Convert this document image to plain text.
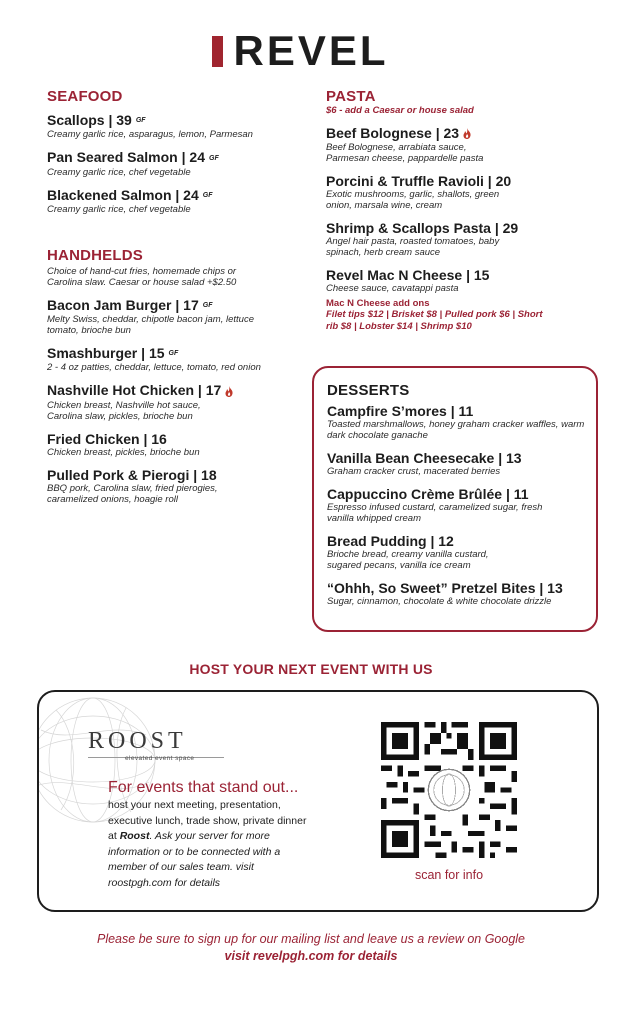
REVEL
SEAFOOD
Scallops | 39 GF
Creamy garlic rice, asparagus, lemon, Parmesan
Pan Seared Salmon | 24 GF
Creamy garlic rice, chef vegetable
Blackened Salmon | 24 GF
Creamy garlic rice, chef vegetable
HANDHELDS
Choice of hand-cut fries, homemade chips or Carolina slaw. Caesar or house salad +$2.50
Bacon Jam Burger | 17 GF
Melty Swiss, cheddar, chipotle bacon jam, lettuce tomato, brioche bun
Smashburger | 15 GF
2 - 4 oz patties, cheddar, lettuce, tomato, red onion
Nashville Hot Chicken | 17
Chicken breast, Nashville hot sauce, Carolina slaw, pickles, brioche bun
Fried Chicken | 16
Chicken breast, pickles, brioche bun
Pulled Pork & Pierogi | 18
BBQ pork, Carolina slaw, fried pierogies, caramelized onions, hoagie roll
PASTA
$6 - add a Caesar or house salad
Beef Bolognese | 23
Beef Bolognese, arrabiata sauce, Parmesan cheese, pappardelle pasta
Porcini & Truffle Ravioli | 20
Exotic mushrooms, garlic, shallots, green onion, marsala wine, cream
Shrimp & Scallops Pasta | 29
Angel hair pasta, roasted tomatoes, baby spinach, herb cream sauce
Revel Mac N Cheese | 15
Cheese sauce, cavatappi pasta
Mac N Cheese add ons
Filet tips $12 | Brisket $8 | Pulled pork $6 | Short rib $8 | Lobster $14 | Shrimp $10
DESSERTS
Campfire S’mores | 11
Toasted marshmallows, honey graham cracker waffles, warm dark chocolate ganache
Vanilla Bean Cheesecake | 13
Graham cracker crust, macerated berries
Cappuccino Crème Brûlée | 11
Espresso infused custard, caramelized sugar, fresh vanilla whipped cream
Bread Pudding | 12
Brioche bread, creamy vanilla custard, sugared pecans, vanilla ice cream
“Ohhh, So Sweet” Pretzel Bites | 13
Sugar, cinnamon, chocolate & white chocolate drizzle
HOST YOUR NEXT EVENT WITH US
ROOST
elevated event space
For events that stand out...
host your next meeting, presentation, executive lunch, trade show, private dinner at Roost. Ask your server for more information or to be connected with a member of our sales team. visit roostpgh.com for details
scan for info
Please be sure to sign up for our mailing list and leave us a review on Google
visit revelpgh.com for details
